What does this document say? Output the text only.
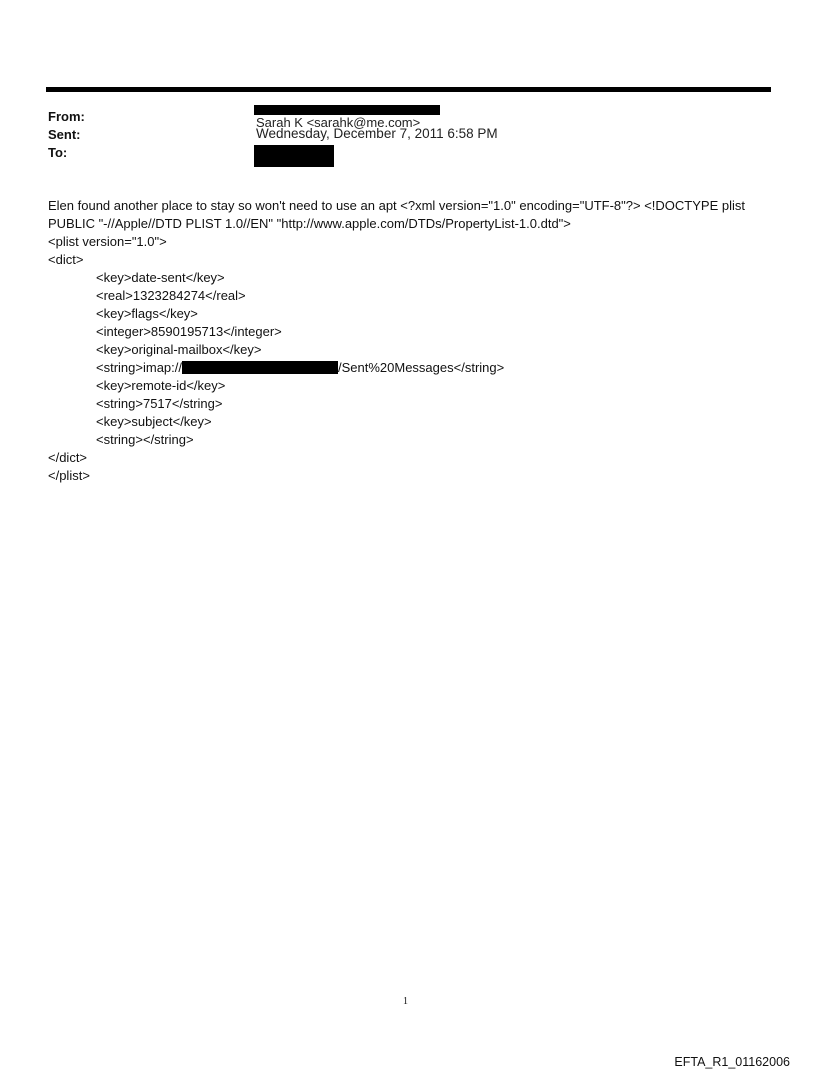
From:
Sent:
To:
Sarah K <sarahk@me.com>
Wednesday, December 7, 2011 6:58 PM
Elen found another place to stay so won't need to use an apt <?xml version="1.0" encoding="UTF-8"?> <!DOCTYPE plist
PUBLIC "-//Apple//DTD PLIST 1.0//EN" "http://www.apple.com/DTDs/PropertyList-1.0.dtd">
<plist version="1.0">
<dict>
<key>date-sent</key>
<real>1323284274</real>
<key>flags</key>
<integer>8590195713</integer>
<key>original-mailbox</key>
<string>imap://	/Sent%20Messages</string>
<key>remote-id</key>
<string>7517</string>
<key>subject</key>
<string></string>
</dict>
</plist>
1
EFTA_R1_01162006
